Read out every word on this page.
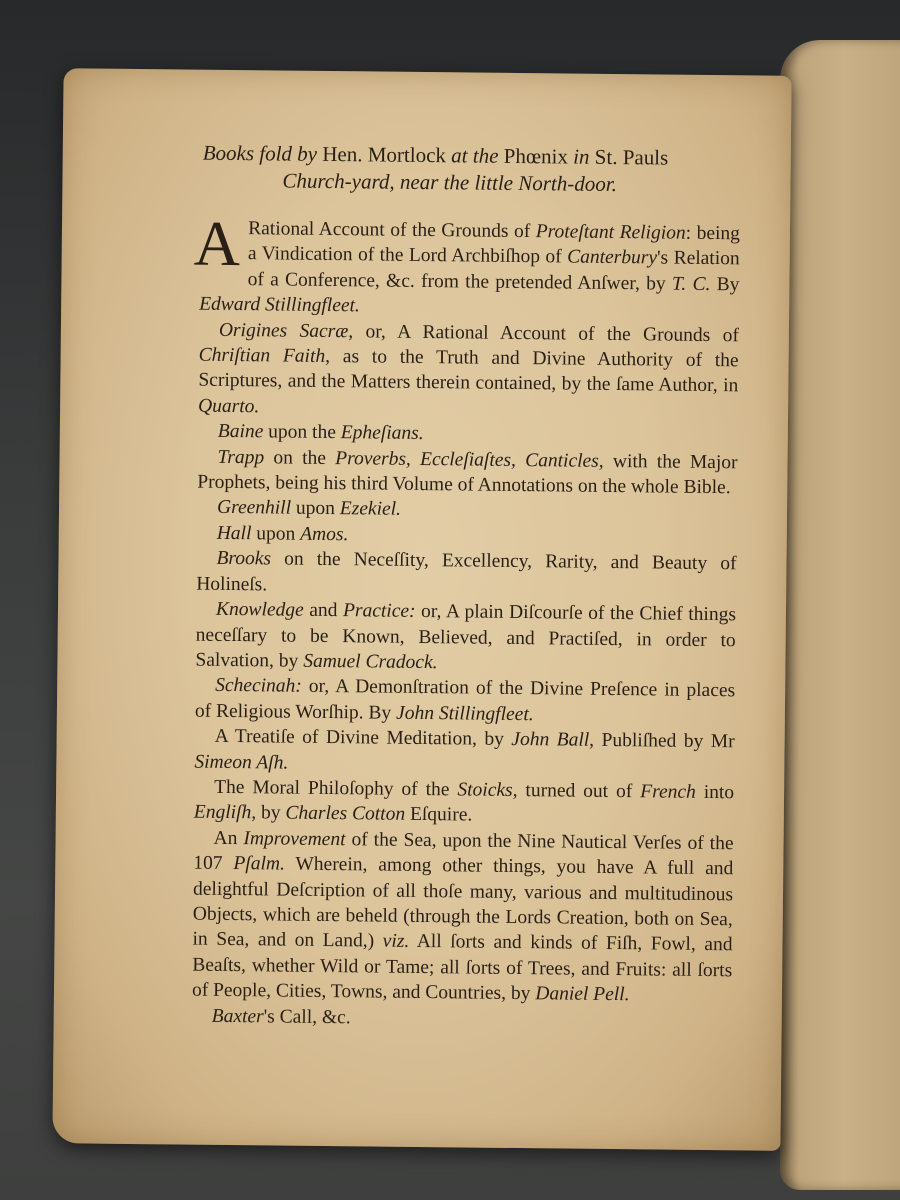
Books fold by Hen. Mortlock at the Phœnix in St. Pauls
Church-yard, near the little North-door.

A Rational Account of the Grounds of Proteſtant Religion: being a Vindication of the Lord Archbiſhop of Canterbury's Relation of a Conference, &c. from the pretended Anſwer, by T. C. By Edward Stillingfleet.

Origines Sacræ, or, A Rational Account of the Grounds of Chriſtian Faith, as to the Truth and Divine Authority of the Scriptures, and the Matters therein contained, by the ſame Author, in Quarto.

Baine upon the Epheſians.

Trapp on the Proverbs, Eccleſiaſtes, Canticles, with the Major Prophets, being his third Volume of Annotations on the whole Bible.

Greenhill upon Ezekiel.

Hall upon Amos.

Brooks on the Neceſſity, Excellency, Rarity, and Beauty of Holineſs.

Knowledge and Practice: or, A plain Diſcourſe of the Chief things neceſſary to be Known, Believed, and Practiſed, in order to Salvation, by Samuel Cradock.

Schecinah: or, A Demonſtration of the Divine Preſence in places of Religious Worſhip. By John Stillingfleet.

A Treatiſe of Divine Meditation, by John Ball, Publiſhed by Mr Simeon Aſh.

The Moral Philoſophy of the Stoicks, turned out of French into Engliſh, by Charles Cotton Eſquire.

An Improvement of the Sea, upon the Nine Nautical Verſes of the 107 Pſalm. Wherein, among other things, you have A full and delightful Deſcription of all thoſe many, various and multitudinous Objects, which are beheld (through the Lords Creation, both on Sea, in Sea, and on Land,) viz. All ſorts and kinds of Fiſh, Fowl, and Beaſts, whether Wild or Tame; all ſorts of Trees, and Fruits: all ſorts of People, Cities, Towns, and Countries, by Daniel Pell.

Baxter's Call, &c.
